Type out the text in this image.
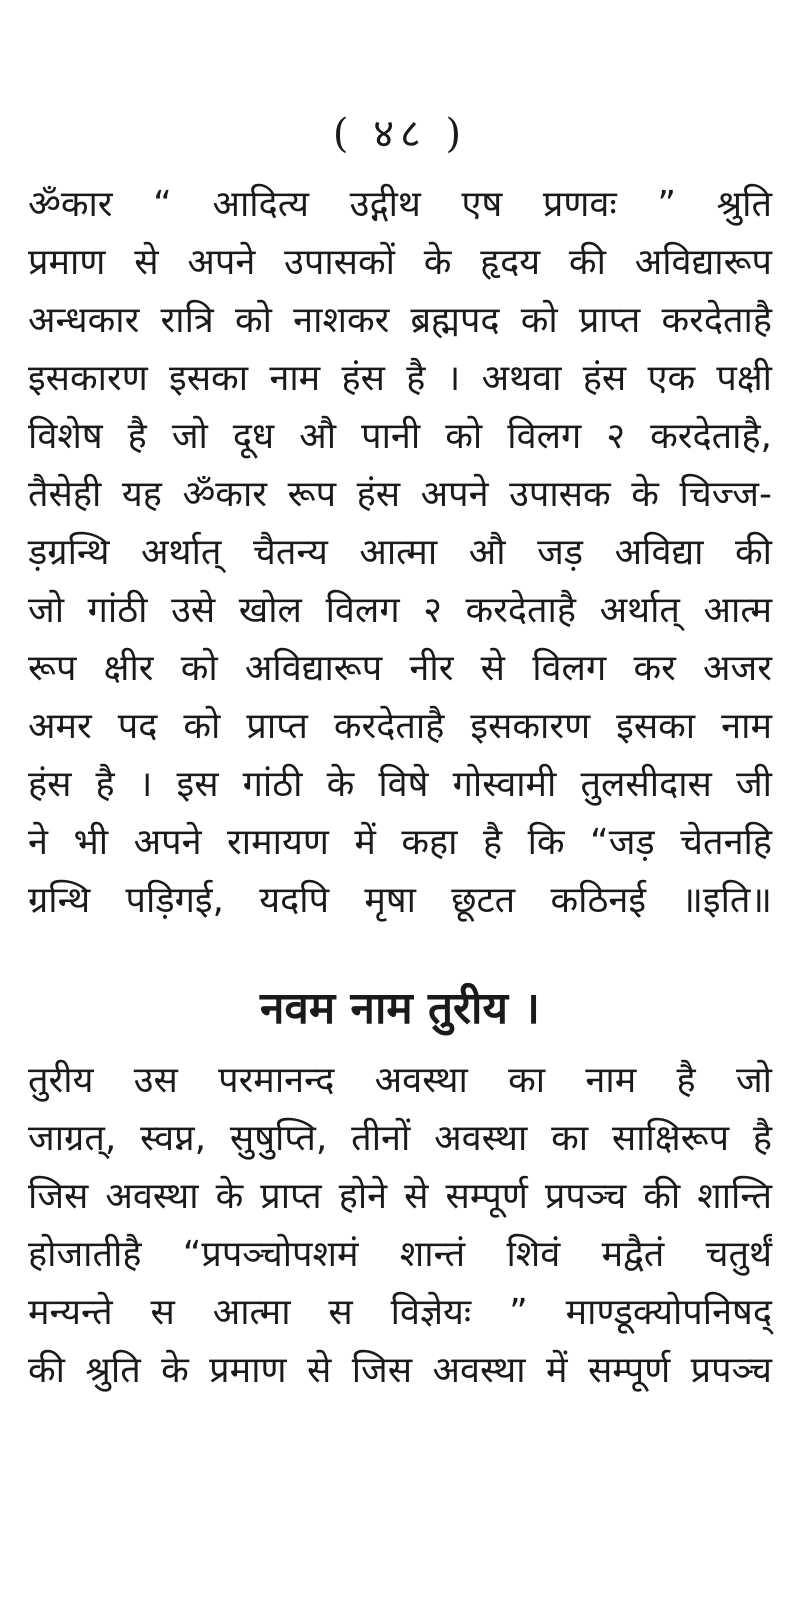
( ४८ )
ॐकार “ आदित्य उद्गीथ एष प्रणवः ” श्रुति
प्रमाण से अपने उपासकों के हृदय की अविद्यारूप
अन्धकार रात्रि को नाशकर ब्रह्मपद को प्राप्त करदेताहै
इसकारण इसका नाम हंस है । अथवा हंस एक पक्षी
विशेष है जो दूध औ पानी को विलग २ करदेताहै,
तैसेही यह ॐकार रूप हंस अपने उपासक के चिज्ज-
ड़ग्रन्थि अर्थात् चैतन्य आत्मा औ जड़ अविद्या की
जो गांठी उसे खोल विलग २ करदेताहै अर्थात् आत्म
रूप क्षीर को अविद्यारूप नीर से विलग कर अजर
अमर पद को प्राप्त करदेताहै इसकारण इसका नाम
हंस है । इस गांठी के विषे गोस्वामी तुलसीदास जी
ने भी अपने रामायण में कहा है कि “जड़ चेतनहि
ग्रन्थि पड़िगई, यदपि मृषा छूटत कठिनई ॥इति॥
नवम नाम तुरीय ।
तुरीय उस परमानन्द अवस्था का नाम है जो
जाग्रत्, स्वप्न, सुषुप्ति, तीनों अवस्था का साक्षिरूप है
जिस अवस्था के प्राप्त होने से सम्पूर्ण प्रपञ्च की शान्ति
होजातीहै “प्रपञ्चोपशमं शान्तं शिवं मद्वैतं चतुर्थं
मन्यन्ते स आत्मा स विज्ञेयः ” माण्डूक्योपनिषद्
की श्रुति के प्रमाण से जिस अवस्था में सम्पूर्ण प्रपञ्च
